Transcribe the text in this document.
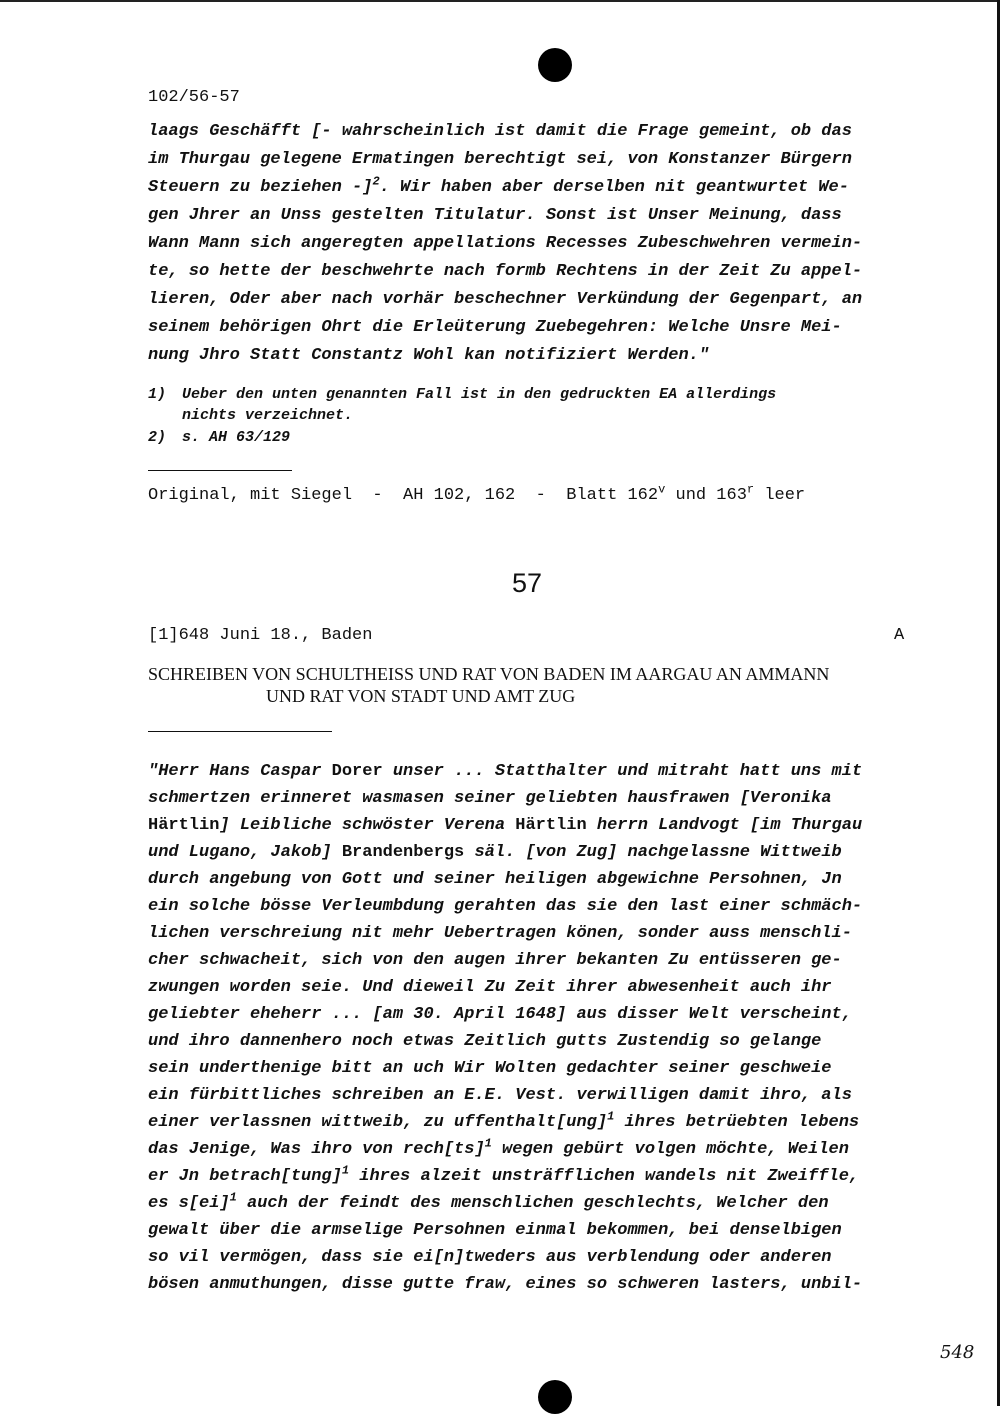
102/56-57
laags Geschäfft [- wahrscheinlich ist damit die Frage gemeint, ob das
im Thurgau gelegene Ermatingen berechtigt sei, von Konstanzer Bürgern
Steuern zu beziehen -]$^2$. Wir haben aber derselben nit geantwurtet We-
gen Jhrer an Unss gestelten Titulatur. Sonst ist Unser Meinung, dass
Wann Mann sich angeregten appellations Recesses Zubeschwehren vermein-
te, so hette der beschwehrte nach formb Rechtens in der Zeit Zu appel-
lieren, Oder aber nach vorhär beschechner Verkündung der Gegenpart, an
seinem behörigen Ohrt die Erleüterung Zuebegehren: Welche Unsre Mei-
nung Jhro Statt Constantz Wohl kan notifiziert Werden."
1) Ueber den unten genannten Fall ist in den gedruckten EA allerdings
nichts verzeichnet.
2) s. AH 63/129
Original, mit Siegel  -  AH 102, 162  -  Blatt 162$^v$ und 163$^r$ leer
57
[1]648 Juni 18., Baden	A
SCHREIBEN VON SCHULTHEISS UND RAT VON BADEN IM AARGAU AN AMMANN
UND RAT VON STADT UND AMT ZUG
"Herr Hans Caspar Dorer unser ... Statthalter und mitraht hatt uns mit
schmertzen erinneret wasmasen seiner geliebten hausfrawen [Veronika
Härtlin] Leibliche schwöster Verena Härtlin herrn Landvogt [im Thurgau
und Lugano, Jakob] Brandenbergs säl. [von Zug] nachgelassne Wittweib
durch angebung von Gott und seiner heiligen abgewichne Persohnen, Jn
ein solche bösse Verleumbdung gerahten das sie den last einer schmäch-
lichen verschreiung nit mehr Uebertragen könen, sonder auss menschli-
cher schwacheit, sich von den augen ihrer bekanten Zu entüsseren ge-
zwungen worden seie. Und dieweil Zu Zeit ihrer abwesenheit auch ihr
geliebter eheherr ... [am 30. April 1648] aus disser Welt verscheint,
und ihro dannenhero noch etwas Zeitlich gutts Zustendig so gelange
sein underthenige bitt an uch Wir Wolten gedachter seiner geschweie
ein fürbittliches schreiben an E.E. Vest. verwilligen damit ihro, als
einer verlassnen wittweib, zu uffenthalt[ung]$^1$ ihres betrüebten lebens
das Jenige, Was ihro von rech[ts]$^1$ wegen gebürt volgen möchte, Weilen
er Jn betrach[tung]$^1$ ihres alzeit unsträfflichen wandels nit Zweiffle,
es s[ei]$^1$ auch der feindt des menschlichen geschlechts, Welcher den
gewalt über die armselige Persohnen einmal bekommen, bei denselbigen
so vil vermögen, dass sie ei[n]tweders aus verblendung oder anderen
bösen anmuthungen, disse gutte fraw, eines so schweren lasters, unbil-
548
